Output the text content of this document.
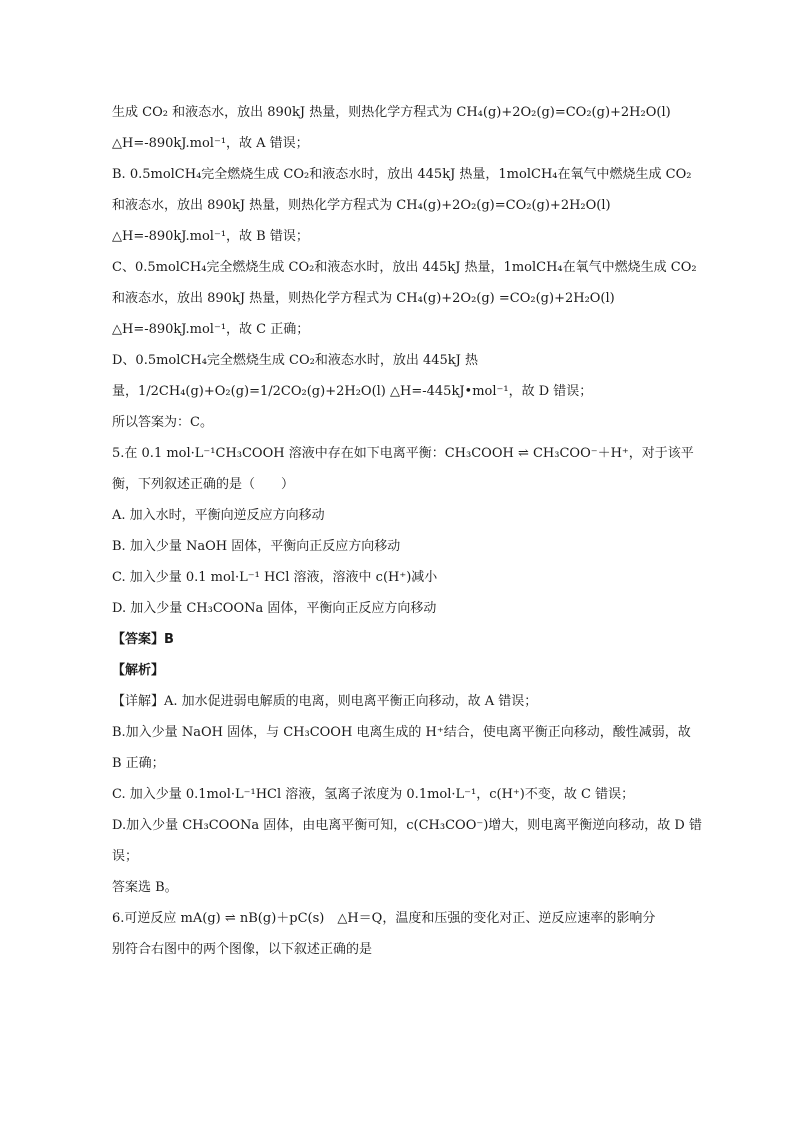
生成 CO₂ 和液态水，放出 890kJ 热量，则热化学方程式为 CH₄(g)+2O₂(g)=CO₂(g)+2H₂O(l)
△H=-890kJ.mol⁻¹，故 A 错误；
B. 0.5molCH₄完全燃烧生成 CO₂和液态水时，放出 445kJ 热量，1molCH₄在氧气中燃烧生成 CO₂
和液态水，放出 890kJ 热量，则热化学方程式为 CH₄(g)+2O₂(g)=CO₂(g)+2H₂O(l)
△H=-890kJ.mol⁻¹，故 B 错误；
C、0.5molCH₄完全燃烧生成 CO₂和液态水时，放出 445kJ 热量，1molCH₄在氧气中燃烧生成 CO₂
和液态水，放出 890kJ 热量，则热化学方程式为 CH₄(g)+2O₂(g) =CO₂(g)+2H₂O(l)
△H=-890kJ.mol⁻¹，故 C 正确；
D、0.5molCH₄完全燃烧生成 CO₂和液态水时，放出 445kJ 热
量，1/2CH₄(g)+O₂(g)=1/2CO₂(g)+2H₂O(l) △H=-445kJ•mol⁻¹，故 D 错误；
所以答案为：C。
5.在 0.1 mol·L⁻¹CH₃COOH 溶液中存在如下电离平衡：CH₃COOH ⇌ CH₃COO⁻＋H⁺，对于该平
衡，下列叙述正确的是（　　）
A. 加入水时，平衡向逆反应方向移动
B. 加入少量 NaOH 固体，平衡向正反应方向移动
C. 加入少量 0.1 mol·L⁻¹ HCl 溶液，溶液中 c(H⁺)减小
D. 加入少量 CH₃COONa 固体，平衡向正反应方向移动
【答案】B
【解析】
【详解】A. 加水促进弱电解质的电离，则电离平衡正向移动，故 A 错误；
B.加入少量 NaOH 固体，与 CH₃COOH 电离生成的 H⁺结合，使电离平衡正向移动，酸性减弱，故
B 正确；
C. 加入少量 0.1mol·L⁻¹HCl 溶液，氢离子浓度为 0.1mol·L⁻¹，c(H⁺)不变，故 C 错误；
D.加入少量 CH₃COONa 固体，由电离平衡可知，c(CH₃COO⁻)增大，则电离平衡逆向移动，故 D 错
误；
答案选 B。
6.可逆反应 mA(g) ⇌ nB(g)＋pC(s)　△H＝Q，温度和压强的变化对正、逆反应速率的影响分
别符合右图中的两个图像，以下叙述正确的是
